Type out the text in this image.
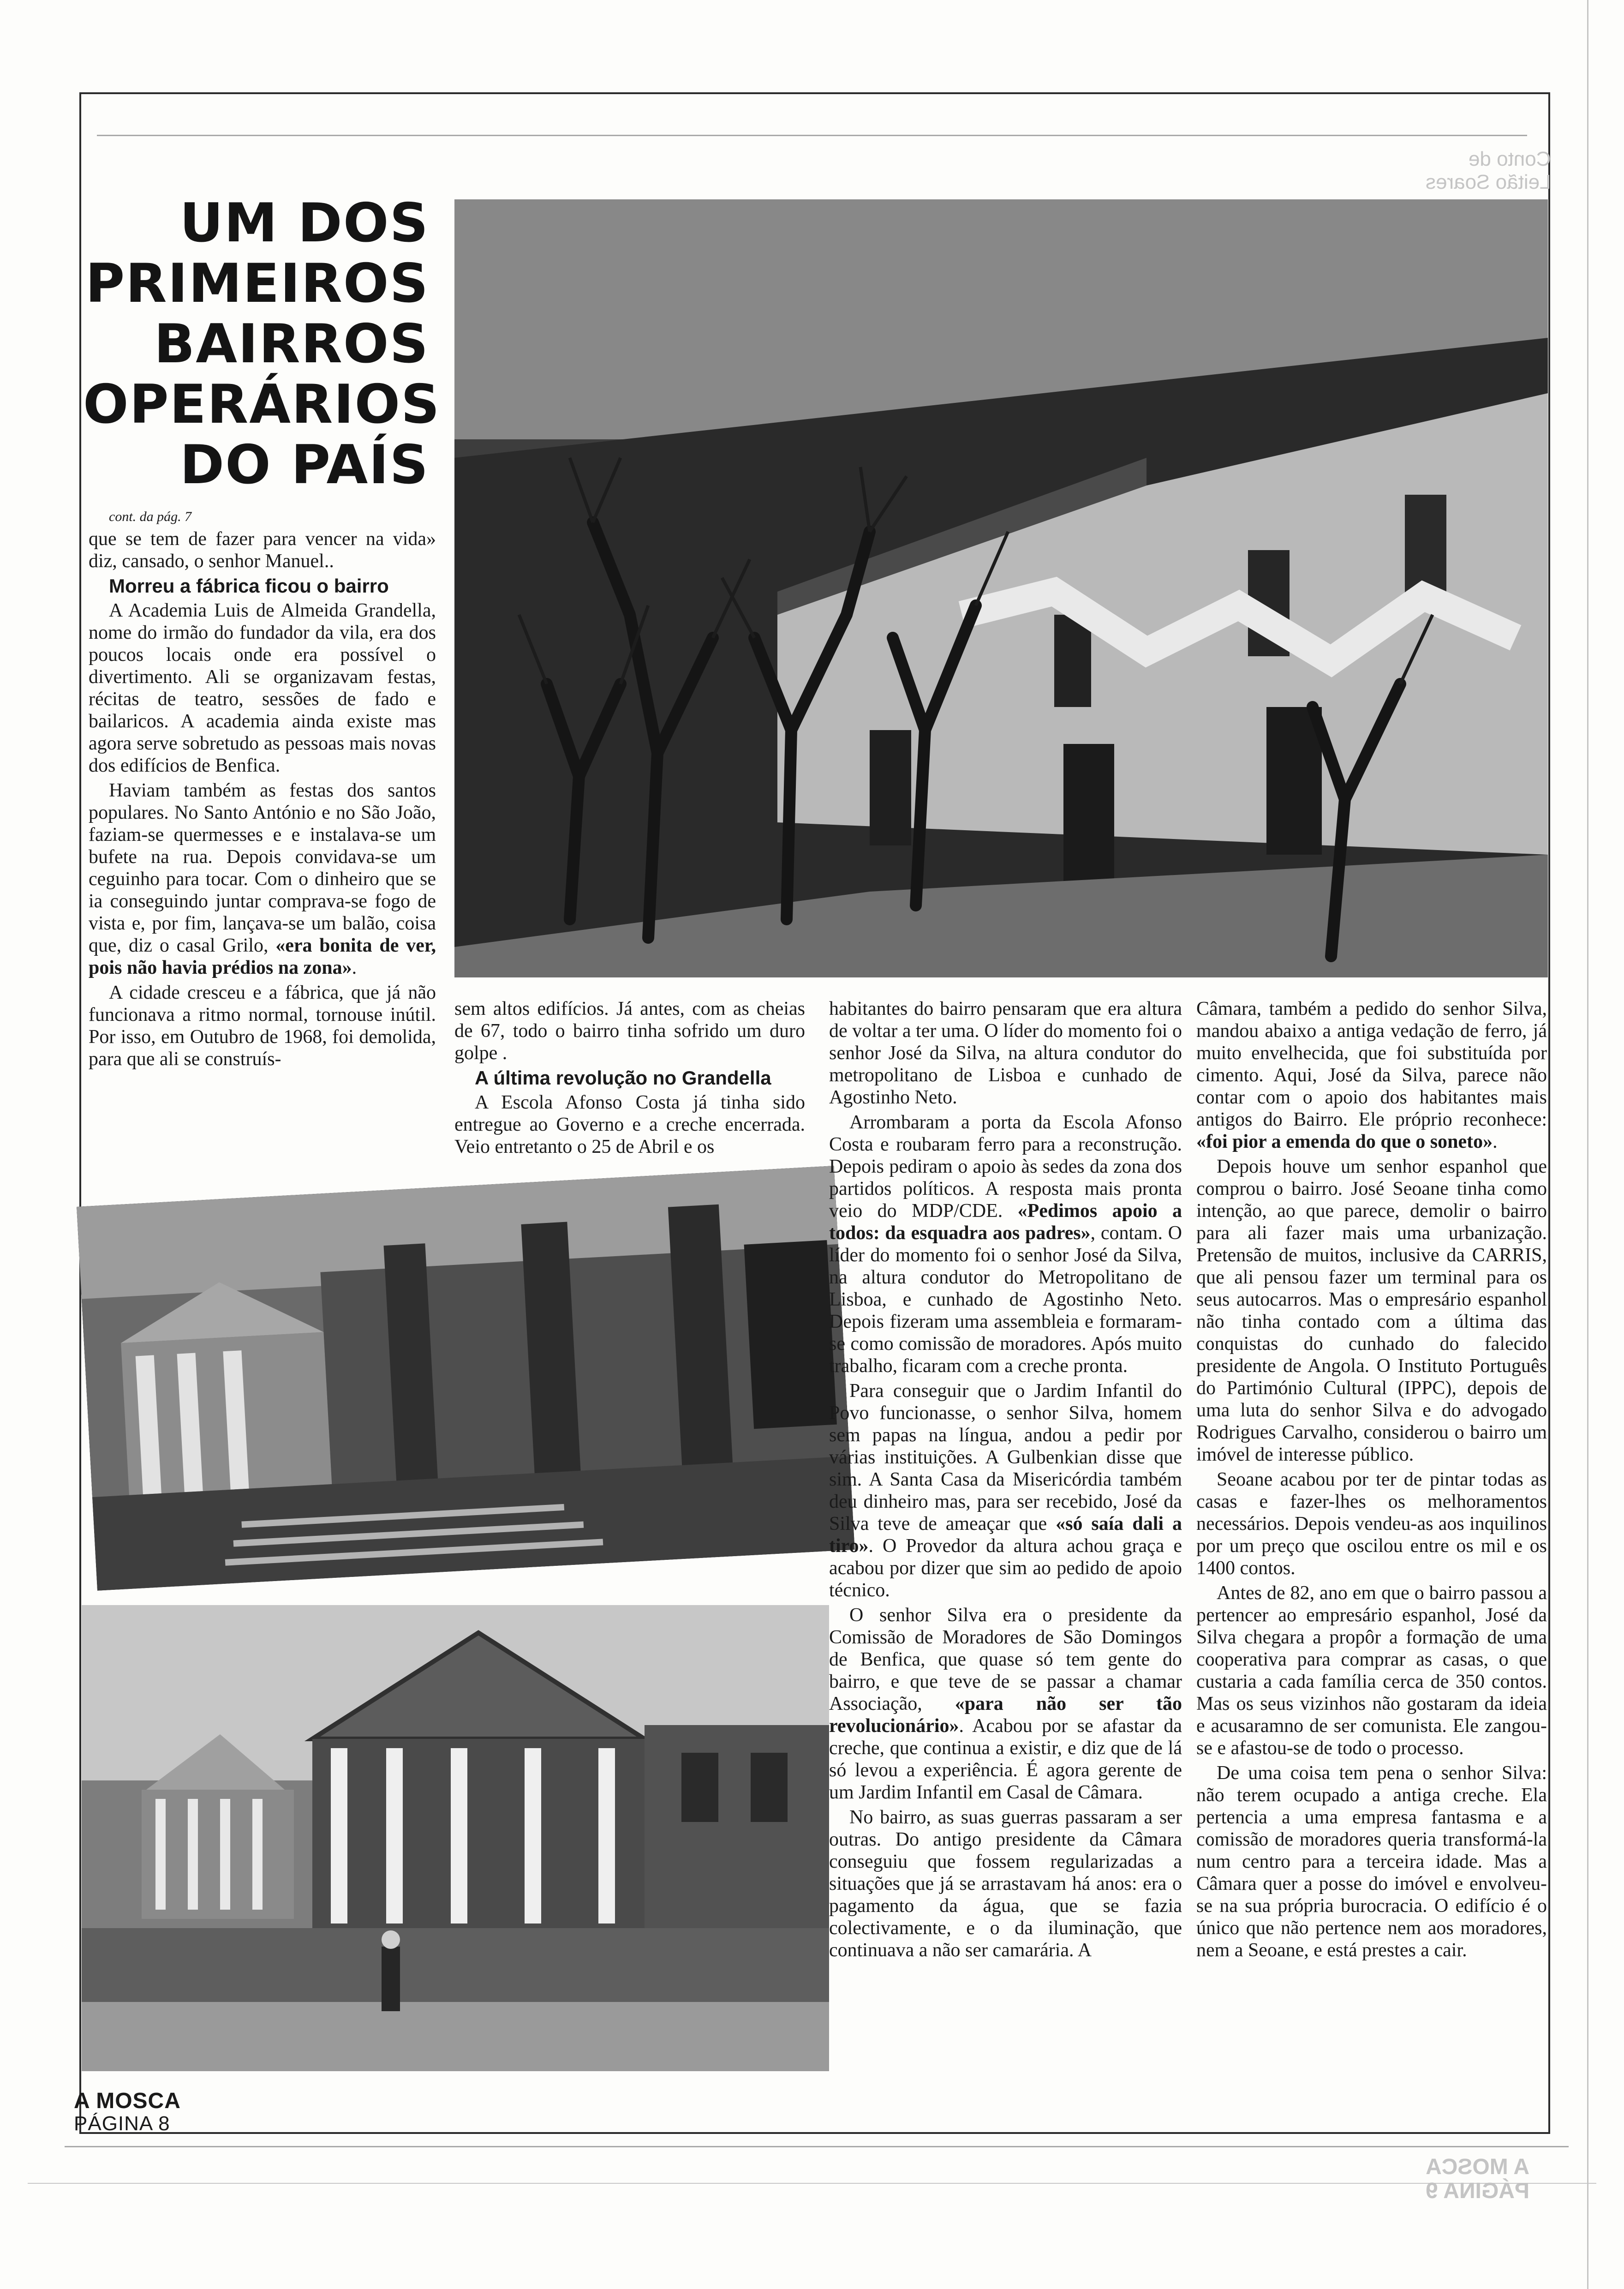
Conto de
Leitão Soares
A MOSCA
PÁGINA 9
UM DOS
PRIMEIROS
BAIRROS
OPERÁRIOS
DO PAÍS

cont. da pág. 7

que se tem de fazer para vencer na vida» diz, cansado, o senhor Manuel..

Morreu a fábrica ficou o bairro

A Academia Luis de Almeida Grandella, nome do irmão do fundador da vila, era dos poucos locais onde era possível o divertimento. Ali se organizavam festas, récitas de teatro, sessões de fado e bailaricos. A academia ainda existe mas agora serve sobretudo as pessoas mais novas dos edifícios de Benfica.

Haviam também as festas dos santos populares. No Santo António e no São João, faziam-se quermesses e e instalava-se um bufete na rua. Depois convidava-se um ceguinho para tocar. Com o dinheiro que se ia conseguindo juntar comprava-se fogo de vista e, por fim, lançava-se um balão, coisa que, diz o casal Grilo, «era bonita de ver, pois não havia prédios na zona».

A cidade cresceu e a fábrica, que já não funcionava a ritmo normal, tornouse inútil. Por isso, em Outubro de 1968, foi demolida, para que ali se construís-

sem altos edifícios. Já antes, com as cheias de 67, todo o bairro tinha sofrido um duro golpe .

A última revolução no Grandella

A Escola Afonso Costa já tinha sido entregue ao Governo e a creche encerrada. Veio entretanto o 25 de Abril e os

habitantes do bairro pensaram que era altura de voltar a ter uma. O líder do momento foi o senhor José da Silva, na altura condutor do metropolitano de Lisboa e cunhado de Agostinho Neto.

Arrombaram a porta da Escola Afonso Costa e roubaram ferro para a reconstrução. Depois pediram o apoio às sedes da zona dos partidos políticos. A resposta mais pronta veio do MDP/CDE. «Pedimos apoio a todos: da esquadra aos padres», contam. O líder do momento foi o senhor José da Silva, na altura condutor do Metropolitano de Lisboa, e cunhado de Agostinho Neto. Depois fizeram uma assembleia e formaram-se como comissão de moradores. Após muito trabalho, ficaram com a creche pronta.

Para conseguir que o Jardim Infantil do Povo funcionasse, o senhor Silva, homem sem papas na língua, andou a pedir por várias instituições. A Gulbenkian disse que sim. A Santa Casa da Misericórdia também deu dinheiro mas, para ser recebido, José da Silva teve de ameaçar que «só saía dali a tiro». O Provedor da altura achou graça e acabou por dizer que sim ao pedido de apoio técnico.

O senhor Silva era o presidente da Comissão de Moradores de São Domingos de Benfica, que quase só tem gente do bairro, e que teve de se passar a chamar Associação, «para não ser tão revolucionário». Acabou por se afastar da creche, que continua a existir, e diz que de lá só levou a experiência. É agora gerente de um Jardim Infantil em Casal de Câmara.

No bairro, as suas guerras passaram a ser outras. Do antigo presidente da Câmara conseguiu que fossem regularizadas a situações que já se arrastavam há anos: era o pagamento da água, que se fazia colectivamente, e o da iluminação, que continuava a não ser camarária. A

Câmara, também a pedido do senhor Silva, mandou abaixo a antiga vedação de ferro, já muito envelhecida, que foi substituída por cimento. Aqui, José da Silva, parece não contar com o apoio dos habitantes mais antigos do Bairro. Ele próprio reconhece: «foi pior a emenda do que o soneto».

Depois houve um senhor espanhol que comprou o bairro. José Seoane tinha como intenção, ao que parece, demolir o bairro para ali fazer mais uma urbanização. Pretensão de muitos, inclusive da CARRIS, que ali pensou fazer um terminal para os seus autocarros. Mas o empresário espanhol não tinha contado com a última das conquistas do cunhado do falecido presidente de Angola. O Instituto Português do Partimónio Cultural (IPPC), depois de uma luta do senhor Silva e do advogado Rodrigues Carvalho, considerou o bairro um imóvel de interesse público.

Seoane acabou por ter de pintar todas as casas e fazer-lhes os melhoramentos necessários. Depois vendeu-as aos inquilinos por um preço que oscilou entre os mil e os 1400 contos.

Antes de 82, ano em que o bairro passou a pertencer ao empresário espanhol, José da Silva chegara a propôr a formação de uma cooperativa para comprar as casas, o que custaria a cada família cerca de 350 contos. Mas os seus vizinhos não gostaram da ideia e acusaramno de ser comunista. Ele zangou-se e afastou-se de todo o processo.

De uma coisa tem pena o senhor Silva: não terem ocupado a antiga creche. Ela pertencia a uma empresa fantasma e a comissão de moradores queria transformá-la num centro para a terceira idade. Mas a Câmara quer a posse do imóvel e envolveu-se na sua própria burocracia. O edifício é o único que não pertence nem aos moradores, nem a Seoane, e está prestes a cair.

A MOSCA
PÁGINA 8
